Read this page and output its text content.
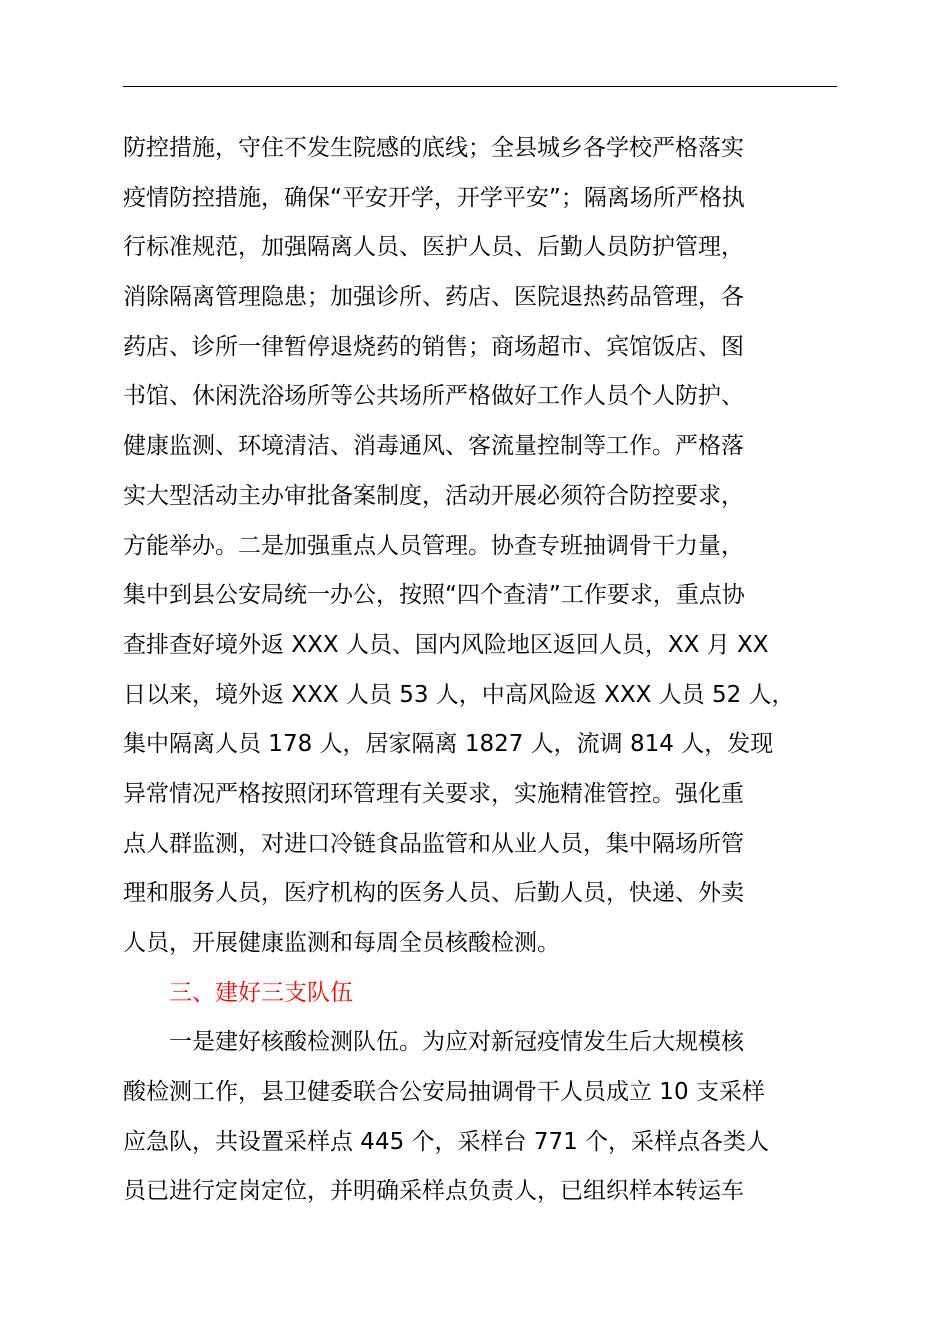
防控措施，守住不发生院感的底线；全县城乡各学校严格落实
疫情防控措施，确保“平安开学，开学平安”；隔离场所严格执
行标准规范，加强隔离人员、医护人员、后勤人员防护管理，
消除隔离管理隐患；加强诊所、药店、医院退热药品管理，各
药店、诊所一律暂停退烧药的销售；商场超市、宾馆饭店、图
书馆、休闲洗浴场所等公共场所严格做好工作人员个人防护、
健康监测、环境清洁、消毒通风、客流量控制等工作。严格落
实大型活动主办审批备案制度，活动开展必须符合防控要求，
方能举办。二是加强重点人员管理。协查专班抽调骨干力量，
集中到县公安局统一办公，按照“四个查清”工作要求，重点协
查排查好境外返 XXX 人员、国内风险地区返回人员，XX 月 XX
日以来，境外返 XXX 人员 53 人，中高风险返 XXX 人员 52 人，
集中隔离人员 178 人，居家隔离 1827 人，流调 814 人，发现
异常情况严格按照闭环管理有关要求，实施精准管控。强化重
点人群监测，对进口冷链食品监管和从业人员，集中隔场所管
理和服务人员，医疗机构的医务人员、后勤人员，快递、外卖
人员，开展健康监测和每周全员核酸检测。
三、建好三支队伍
一是建好核酸检测队伍。为应对新冠疫情发生后大规模核
酸检测工作，县卫健委联合公安局抽调骨干人员成立 10 支采样
应急队，共设置采样点 445 个，采样台 771 个，采样点各类人
员已进行定岗定位，并明确采样点负责人，已组织样本转运车
